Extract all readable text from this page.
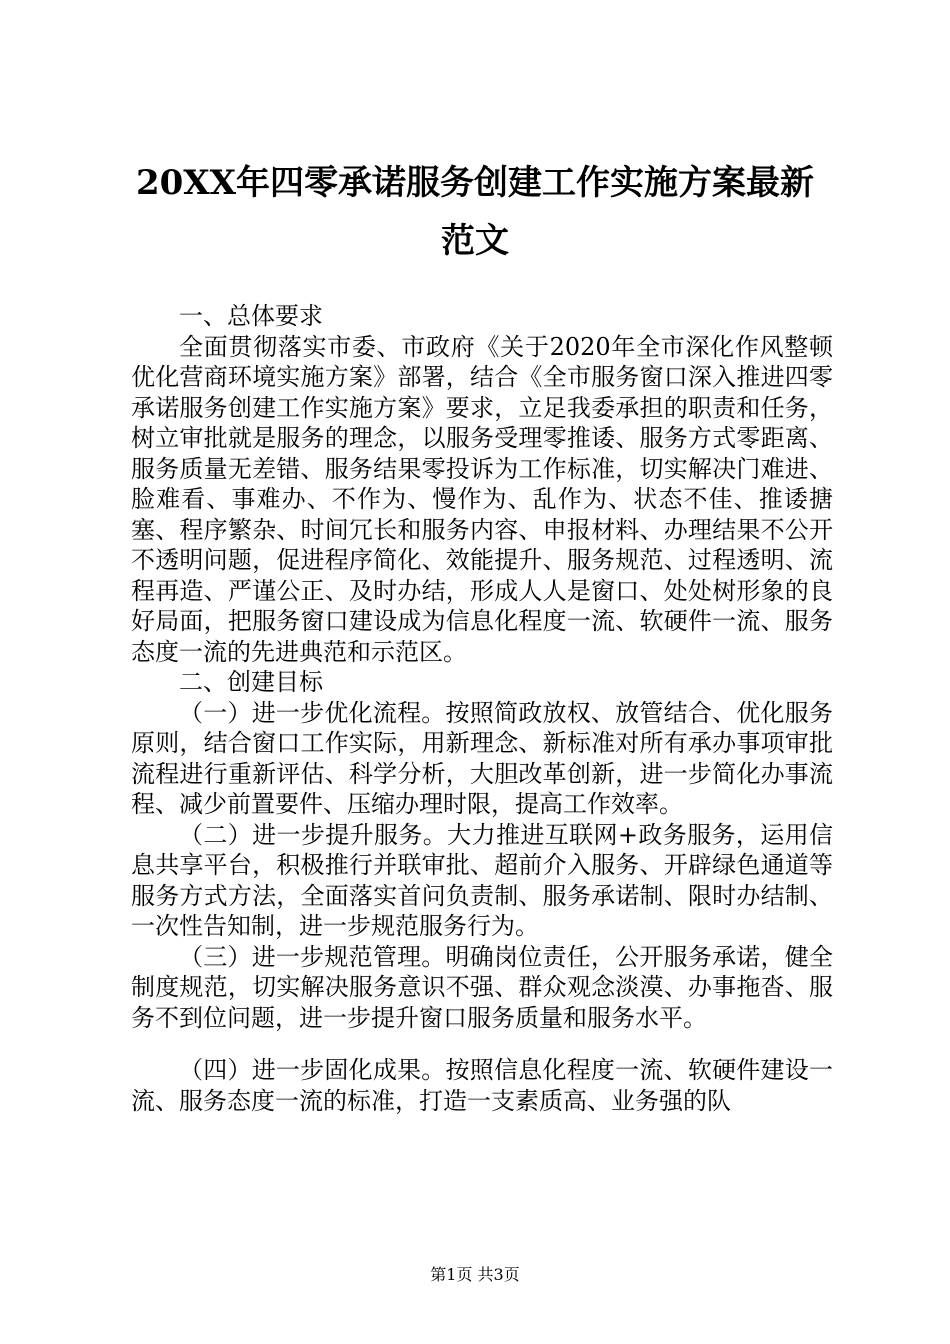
20XX年四零承诺服务创建工作实施方案最新
范文

一、总体要求

全面贯彻落实市委、市政府《关于2020年全市深化作风整顿优化营商环境实施方案》部署，结合《全市服务窗口深入推进四零承诺服务创建工作实施方案》要求，立足我委承担的职责和任务，树立审批就是服务的理念，以服务受理零推诿、服务方式零距离、服务质量无差错、服务结果零投诉为工作标准，切实解决门难进、脸难看、事难办、不作为、慢作为、乱作为、状态不佳、推诿搪塞、程序繁杂、时间冗长和服务内容、申报材料、办理结果不公开不透明问题，促进程序简化、效能提升、服务规范、过程透明、流程再造、严谨公正、及时办结，形成人人是窗口、处处树形象的良好局面，把服务窗口建设成为信息化程度一流、软硬件一流、服务态度一流的先进典范和示范区。

二、创建目标

（一）进一步优化流程。按照简政放权、放管结合、优化服务原则，结合窗口工作实际，用新理念、新标准对所有承办事项审批流程进行重新评估、科学分析，大胆改革创新，进一步简化办事流程、减少前置要件、压缩办理时限，提高工作效率。

（二）进一步提升服务。大力推进互联网+政务服务，运用信息共享平台，积极推行并联审批、超前介入服务、开辟绿色通道等服务方式方法，全面落实首问负责制、服务承诺制、限时办结制、一次性告知制，进一步规范服务行为。

（三）进一步规范管理。明确岗位责任，公开服务承诺，健全制度规范，切实解决服务意识不强、群众观念淡漠、办事拖沓、服务不到位问题，进一步提升窗口服务质量和服务水平。

（四）进一步固化成果。按照信息化程度一流、软硬件建设一流、服务态度一流的标准，打造一支素质高、业务强的队

第1页 共3页
